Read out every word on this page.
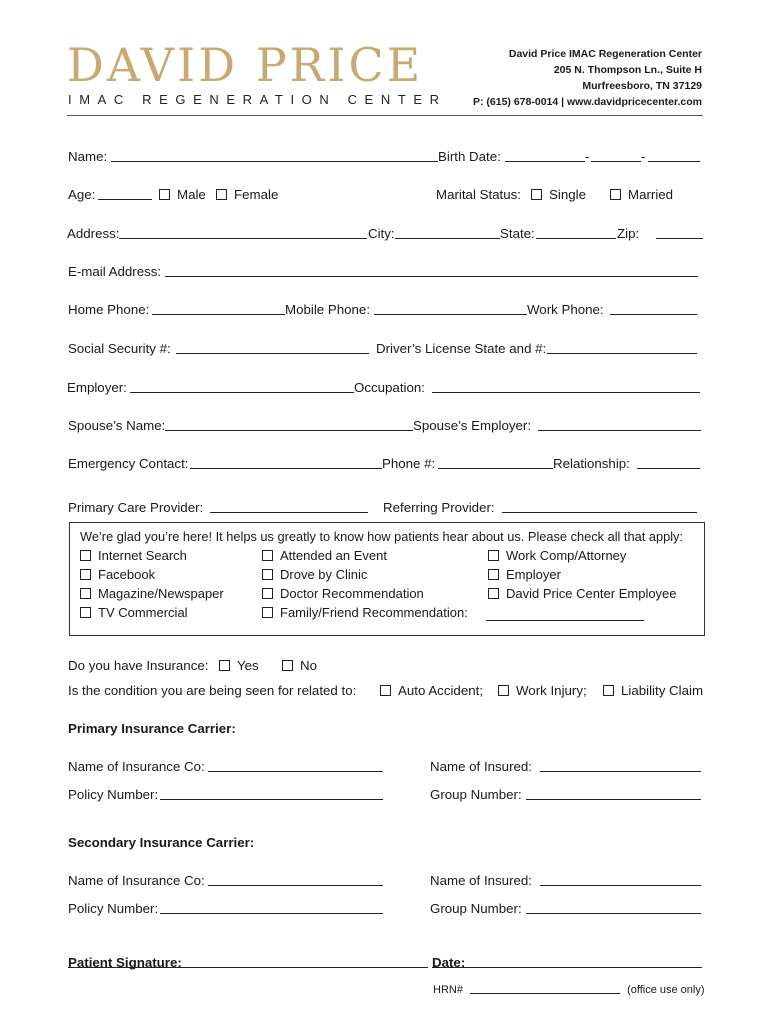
DAVID PRICE
IMAC REGENERATION CENTER
David Price IMAC Regeneration Center
205 N. Thompson Ln., Suite H
Murfreesboro, TN 37129
P: (615) 678-0014 | www.davidpricecenter.com
Name:	Birth Date:	-	-
Age:	Male	Female	Marital Status:	Single	Married
Address:	City:	State:	Zip:
E-mail Address:
Home Phone:	Mobile Phone:	Work Phone:
Social Security #:	Driver’s License State and #:
Employer:	Occupation:
Spouse’s Name:	Spouse’s Employer:
Emergency Contact:	Phone #:	Relationship:
Primary Care Provider:	Referring Provider:
We’re glad you’re here! It helps us greatly to know how patients hear about us. Please check all that apply:
Internet Search
Facebook
Magazine/Newspaper
TV Commercial
Attended an Event
Drove by Clinic
Doctor Recommendation
Family/Friend Recommendation:
Work Comp/Attorney
Employer
David Price Center Employee
Do you have Insurance:	Yes	No
Is the condition you are being seen for related to:	Auto Accident;	Work Injury;	Liability Claim
Primary Insurance Carrier:
Name of Insurance Co:	Name of Insured:
Policy Number:	Group Number:
Secondary Insurance Carrier:
Name of Insurance Co:	Name of Insured:
Policy Number:	Group Number:
Patient Signature:	Date:
HRN#	(office use only)
